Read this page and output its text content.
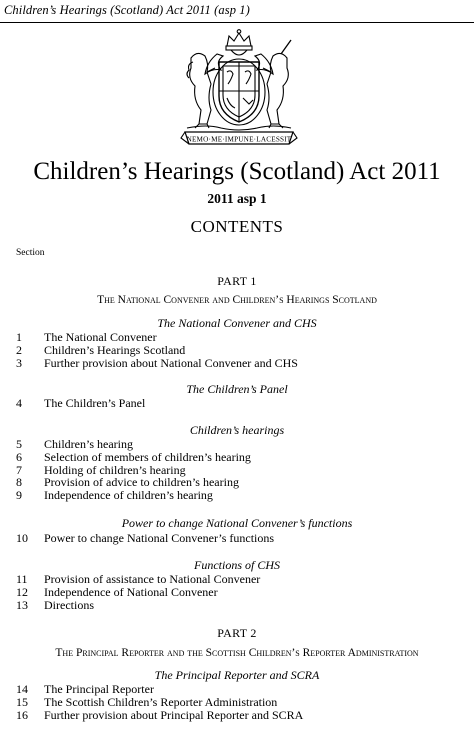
Children’s Hearings (Scotland) Act 2011 (asp 1)
NEMO·ME·IMPUNE·LACESSIT
Children’s Hearings (Scotland) Act 2011
2011 asp 1
CONTENTS
Section
PART 1
The National Convener and Children’s Hearings Scotland
The National Convener and CHS
1 The National Convener
2 Children’s Hearings Scotland
3 Further provision about National Convener and CHS
The Children’s Panel
4 The Children’s Panel
Children’s hearings
5 Children’s hearing
6 Selection of members of children’s hearing
7 Holding of children’s hearing
8 Provision of advice to children’s hearing
9 Independence of children’s hearing
Power to change National Convener’s functions
10 Power to change National Convener’s functions
Functions of CHS
11 Provision of assistance to National Convener
12 Independence of National Convener
13 Directions
PART 2
The Principal Reporter and the Scottish Children’s Reporter Administration
The Principal Reporter and SCRA
14 The Principal Reporter
15 The Scottish Children’s Reporter Administration
16 Further provision about Principal Reporter and SCRA
